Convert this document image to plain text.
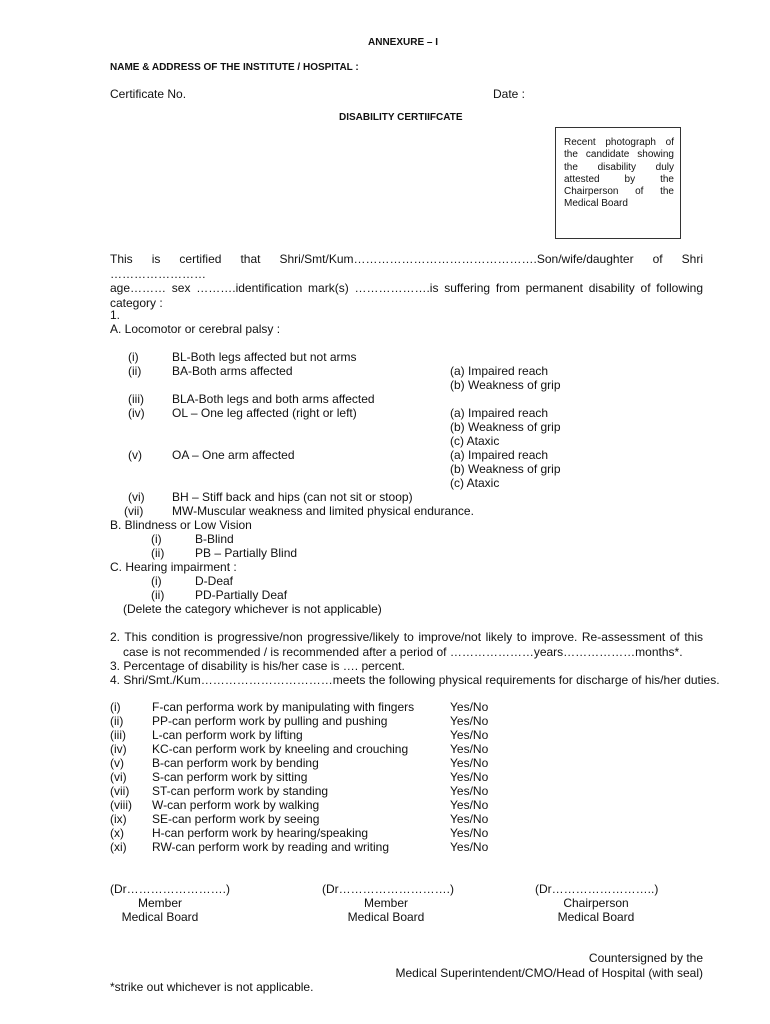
ANNEXURE – I
NAME & ADDRESS OF THE INSTITUTE / HOSPITAL :
Certificate No.	Date :
DISABILITY CERTIIFCATE
Recent photograph of the candidate showing the disability duly attested by the Chairperson of the Medical Board
This is certified that Shri/Smt/Kum……………………………………….Son/wife/daughter of Shri ……………………
age……… sex ……….identification mark(s) ……………….is suffering from permanent disability of following
category :
1.
A. Locomotor or cerebral palsy :
(i)	BL-Both legs affected but not arms
(ii)	BA-Both arms affected	(a) Impaired reach
(b) Weakness of grip
(iii) BLA-Both legs and both arms affected
(iv) OL – One leg affected (right or left)	(a) Impaired reach
(b) Weakness of grip
(c) Ataxic
(v)	OA – One arm affected	(a) Impaired reach
(b) Weakness of grip
(c) Ataxic
(vi) BH – Stiff back and hips (can not sit or stoop)
(vii) MW-Muscular weakness and limited physical endurance.
B. Blindness or Low Vision
(i)	B-Blind
(ii)	PB – Partially Blind
C. Hearing impairment :
(i)	D-Deaf
(ii)	PD-Partially Deaf
(Delete the category whichever is not applicable)
2. This condition is progressive/non progressive/likely to improve/not likely to improve. Re-assessment of this
case is not recommended / is recommended after a period of …………………years………………months*.
3. Percentage of disability is his/her case is …. percent.
4. Shri/Smt./Kum……………………………meets the following physical requirements for discharge of his/her duties.
(i)	F-can performa work by manipulating with fingers	Yes/No
(ii) PP-can perform work by pulling and pushing	Yes/No
(iii) L-can perform work by lifting	Yes/No
(iv) KC-can perform work by kneeling and crouching	Yes/No
(v) B-can perform work by bending	Yes/No
(vi) S-can perform work by sitting	Yes/No
(vii) ST-can perform work by standing	Yes/No
(viii) W-can perform work by walking	Yes/No
(ix) SE-can perform work by seeing	Yes/No
(x) H-can perform work by hearing/speaking	Yes/No
(xi) RW-can perform work by reading and writing	Yes/No
(Dr…………………….)
Member
Medical Board
(Dr……………………….)
Member
Medical Board
(Dr……………………..)
Chairperson
Medical Board
Countersigned by the
Medical Superintendent/CMO/Head of Hospital (with seal)
*strike out whichever is not applicable.
